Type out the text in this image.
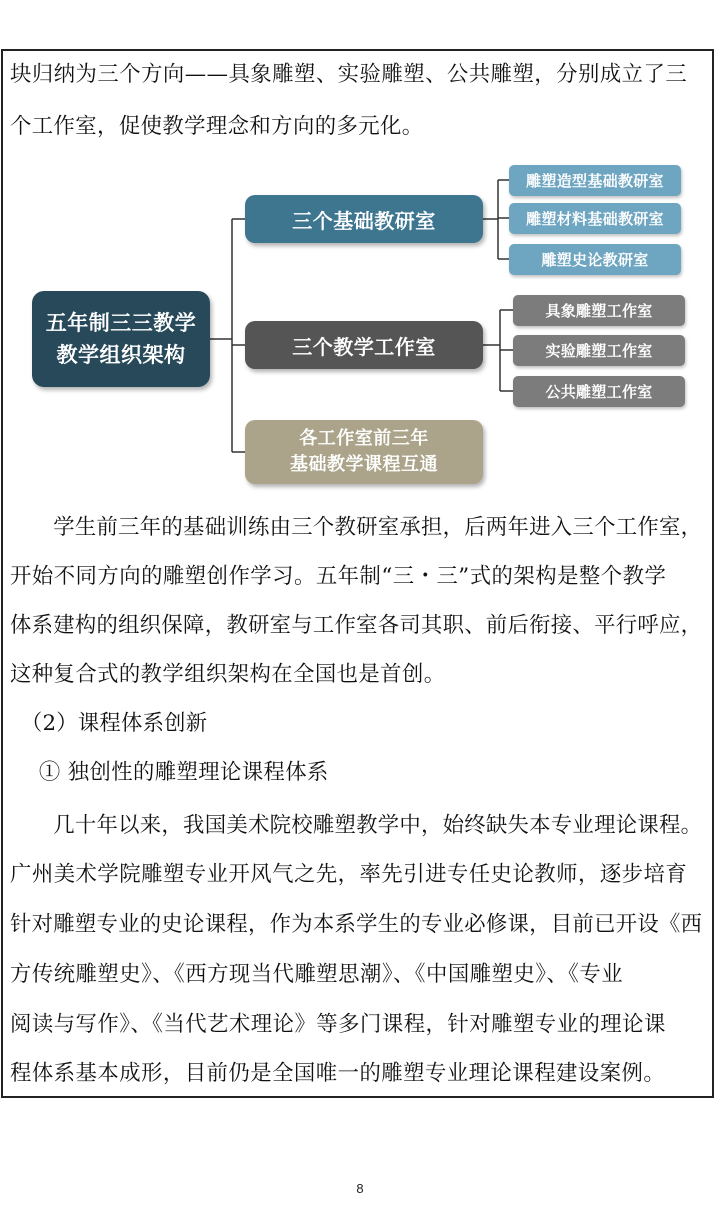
块归纳为三个方向——具象雕塑、实验雕塑、公共雕塑，分别成立了三
个工作室，促使教学理念和方向的多元化。
五年制三三教学
教学组织架构
三个基础教研室
三个教学工作室
各工作室前三年
基础教学课程互通
雕塑造型基础教研室
雕塑材料基础教研室
雕塑史论教研室
具象雕塑工作室
实验雕塑工作室
公共雕塑工作室
　　学生前三年的基础训练由三个教研室承担，后两年进入三个工作室，
开始不同方向的雕塑创作学习。五年制“三・三”式的架构是整个教学
体系建构的组织保障，教研室与工作室各司其职、前后衔接、平行呼应，
这种复合式的教学组织架构在全国也是首创。
　（2）课程体系创新
　 ① 独创性的雕塑理论课程体系
　　几十年以来，我国美术院校雕塑教学中，始终缺失本专业理论课程。
广州美术学院雕塑专业开风气之先，率先引进专任史论教师，逐步培育
针对雕塑专业的史论课程，作为本系学生的专业必修课，目前已开设《西
方传统雕塑史》、《西方现当代雕塑思潮》、《中国雕塑史》、《专业
阅读与写作》、《当代艺术理论》等多门课程，针对雕塑专业的理论课
程体系基本成形，目前仍是全国唯一的雕塑专业理论课程建设案例。
8
